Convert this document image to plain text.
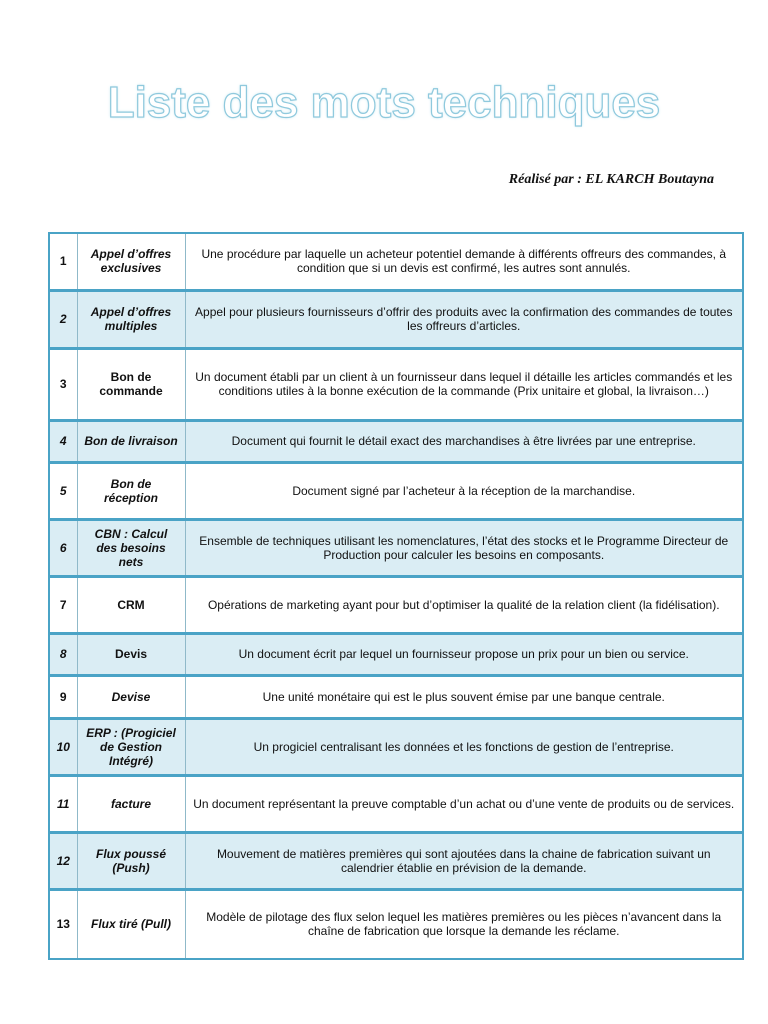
Liste des mots techniques
Réalisé par : EL KARCH Boutayna
1	Appel d’offres exclusives	Une procédure par laquelle un acheteur potentiel demande à différents offreurs des commandes, à condition que si un devis est confirmé, les autres sont annulés.
2	Appel d’offres multiples	Appel pour plusieurs fournisseurs d’offrir des produits avec la confirmation des commandes de toutes les offreurs d’articles.
3	Bon de commande	Un document établi par un client à un fournisseur dans lequel il détaille les articles commandés et les conditions utiles à la bonne exécution de la commande (Prix unitaire et global, la livraison…)
4	Bon de livraison	Document qui fournit le détail exact des marchandises à être livrées par une entreprise.
5	Bon de réception	Document signé par l’acheteur à la réception de la marchandise.
6	CBN : Calcul des besoins nets	Ensemble de techniques utilisant les nomenclatures, l’état des stocks et le Programme Directeur de Production pour calculer les besoins en composants.
7	CRM	Opérations de marketing ayant pour but d’optimiser la qualité de la relation client (la fidélisation).
8	Devis	Un document écrit par lequel un fournisseur propose un prix pour un bien ou service.
9	Devise	Une unité monétaire qui est le plus souvent émise par une banque centrale.
10	ERP : (Progiciel de Gestion Intégré)	Un progiciel centralisant les données et les fonctions de gestion de l’entreprise.
11	facture	Un document représentant la preuve comptable d’un achat ou d’une vente de produits ou de services.
12	Flux poussé (Push)	Mouvement de matières premières qui sont ajoutées dans la chaine de fabrication suivant un calendrier établie en prévision de la demande.
13	Flux tiré (Pull)	Modèle de pilotage des flux selon lequel les matières premières ou les pièces n’avancent dans la chaîne de fabrication que lorsque la demande les réclame.
